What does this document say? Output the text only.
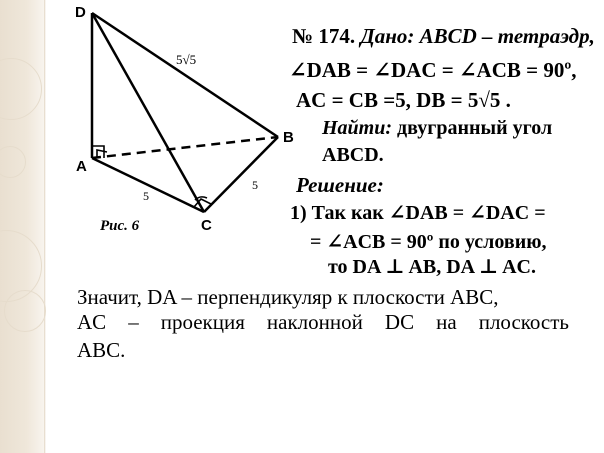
D
A
B
C
5√5
5
5
Рис. 6
№ 174. Дано: ABCD – тетраэдр,
∠DAB = ∠DAC = ∠ACB = 90º,
AC = CB =5, DB = 5√5 .
Найти: двугранный угол
ABCD.
Решение:
1) Так как ∠DAB = ∠DAC =
= ∠ACB = 90º по условию,
то DA ⊥ AB, DA ⊥ AC.
Значит, DA – перпендикуляр к плоскости ABC,
AC – проекция наклонной DC на плоскость
ABC.
